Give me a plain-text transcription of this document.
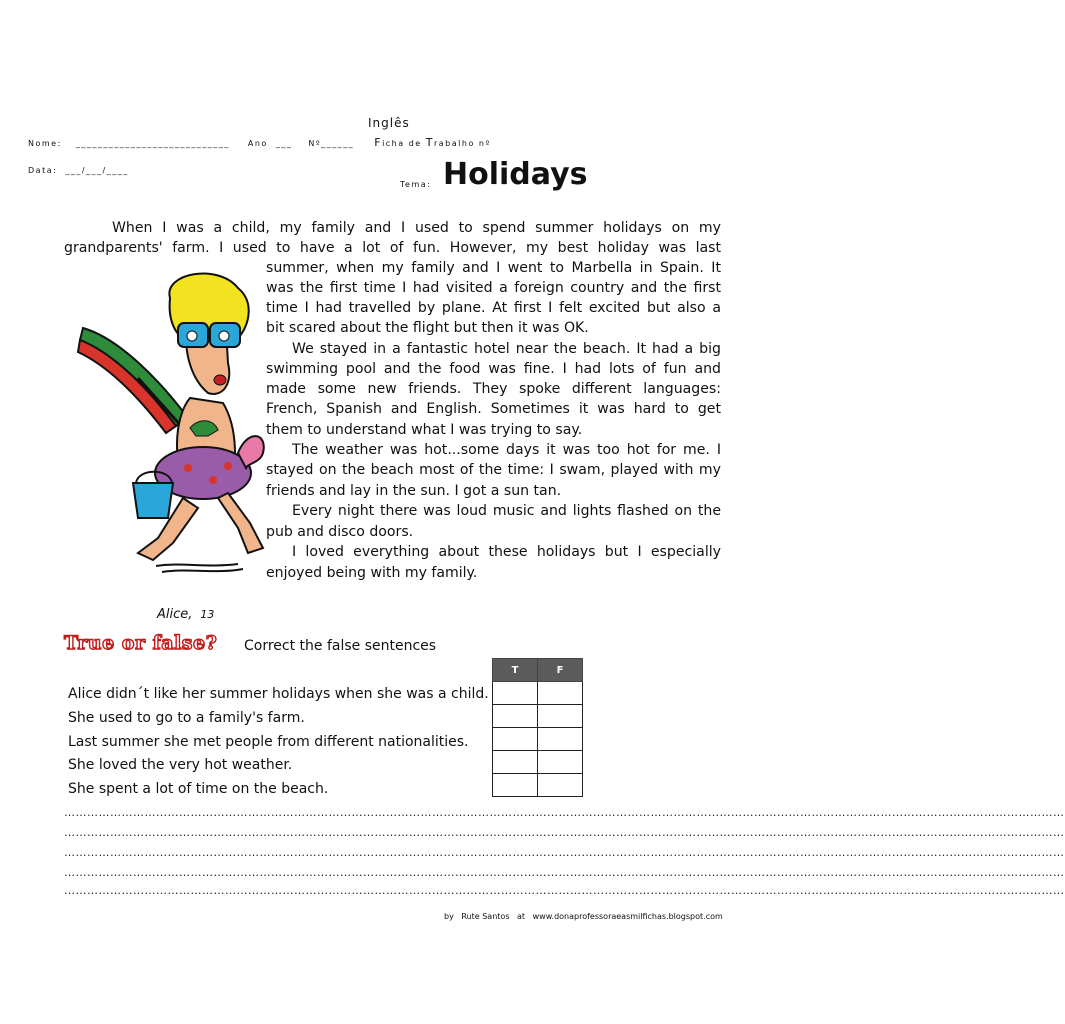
Inglês
Nome: ____________________________ Ano ___ Nº______ Ficha de Trabalho nº
Data: ___/___/____
Tema: Holidays
When I was a child, my family and I used to spend summer holidays on my
grandparents' farm. I used to have a lot of fun. However, my best holiday was last
summer, when my family and I went to Marbella in Spain. It
was the first time I had visited a foreign country and the first
time I had travelled by plane. At first I felt excited but also a
bit scared about the flight but then it was OK.
We stayed in a fantastic hotel near the beach. It had a big
swimming pool and the food was fine. I had lots of fun and
made some new friends. They spoke different languages:
French, Spanish and English. Sometimes it was hard to get
them to understand what I was trying to say.
The weather was hot...some days it was too hot for me. I
stayed on the beach most of the time: I swam, played with my
friends and lay in the sun. I got a sun tan.
Every night there was loud music and lights flashed on the
pub and disco doors.
I loved everything about these holidays but I especially
enjoyed being with my family.
Alice, 13
True or false? Correct the false sentences
T	F

Alice didn´t like her summer holidays when she was a child.
She used to go to a family's farm.
Last summer she met people from different nationalities.
She loved the very hot weather.
She spent a lot of time on the beach.
………………………………………………………………………………………………………………………………………………………………………………………………………………………………………
………………………………………………………………………………………………………………………………………………………………………………………………………………………………………
………………………………………………………………………………………………………………………………………………………………………………………………………………………………………
………………………………………………………………………………………………………………………………………………………………………………………………………………………………………
………………………………………………………………………………………………………………………………………………………………………………………………………………………………………
by Rute Santos at www.donaprofessoraeasmilfichas.blogspot.com
